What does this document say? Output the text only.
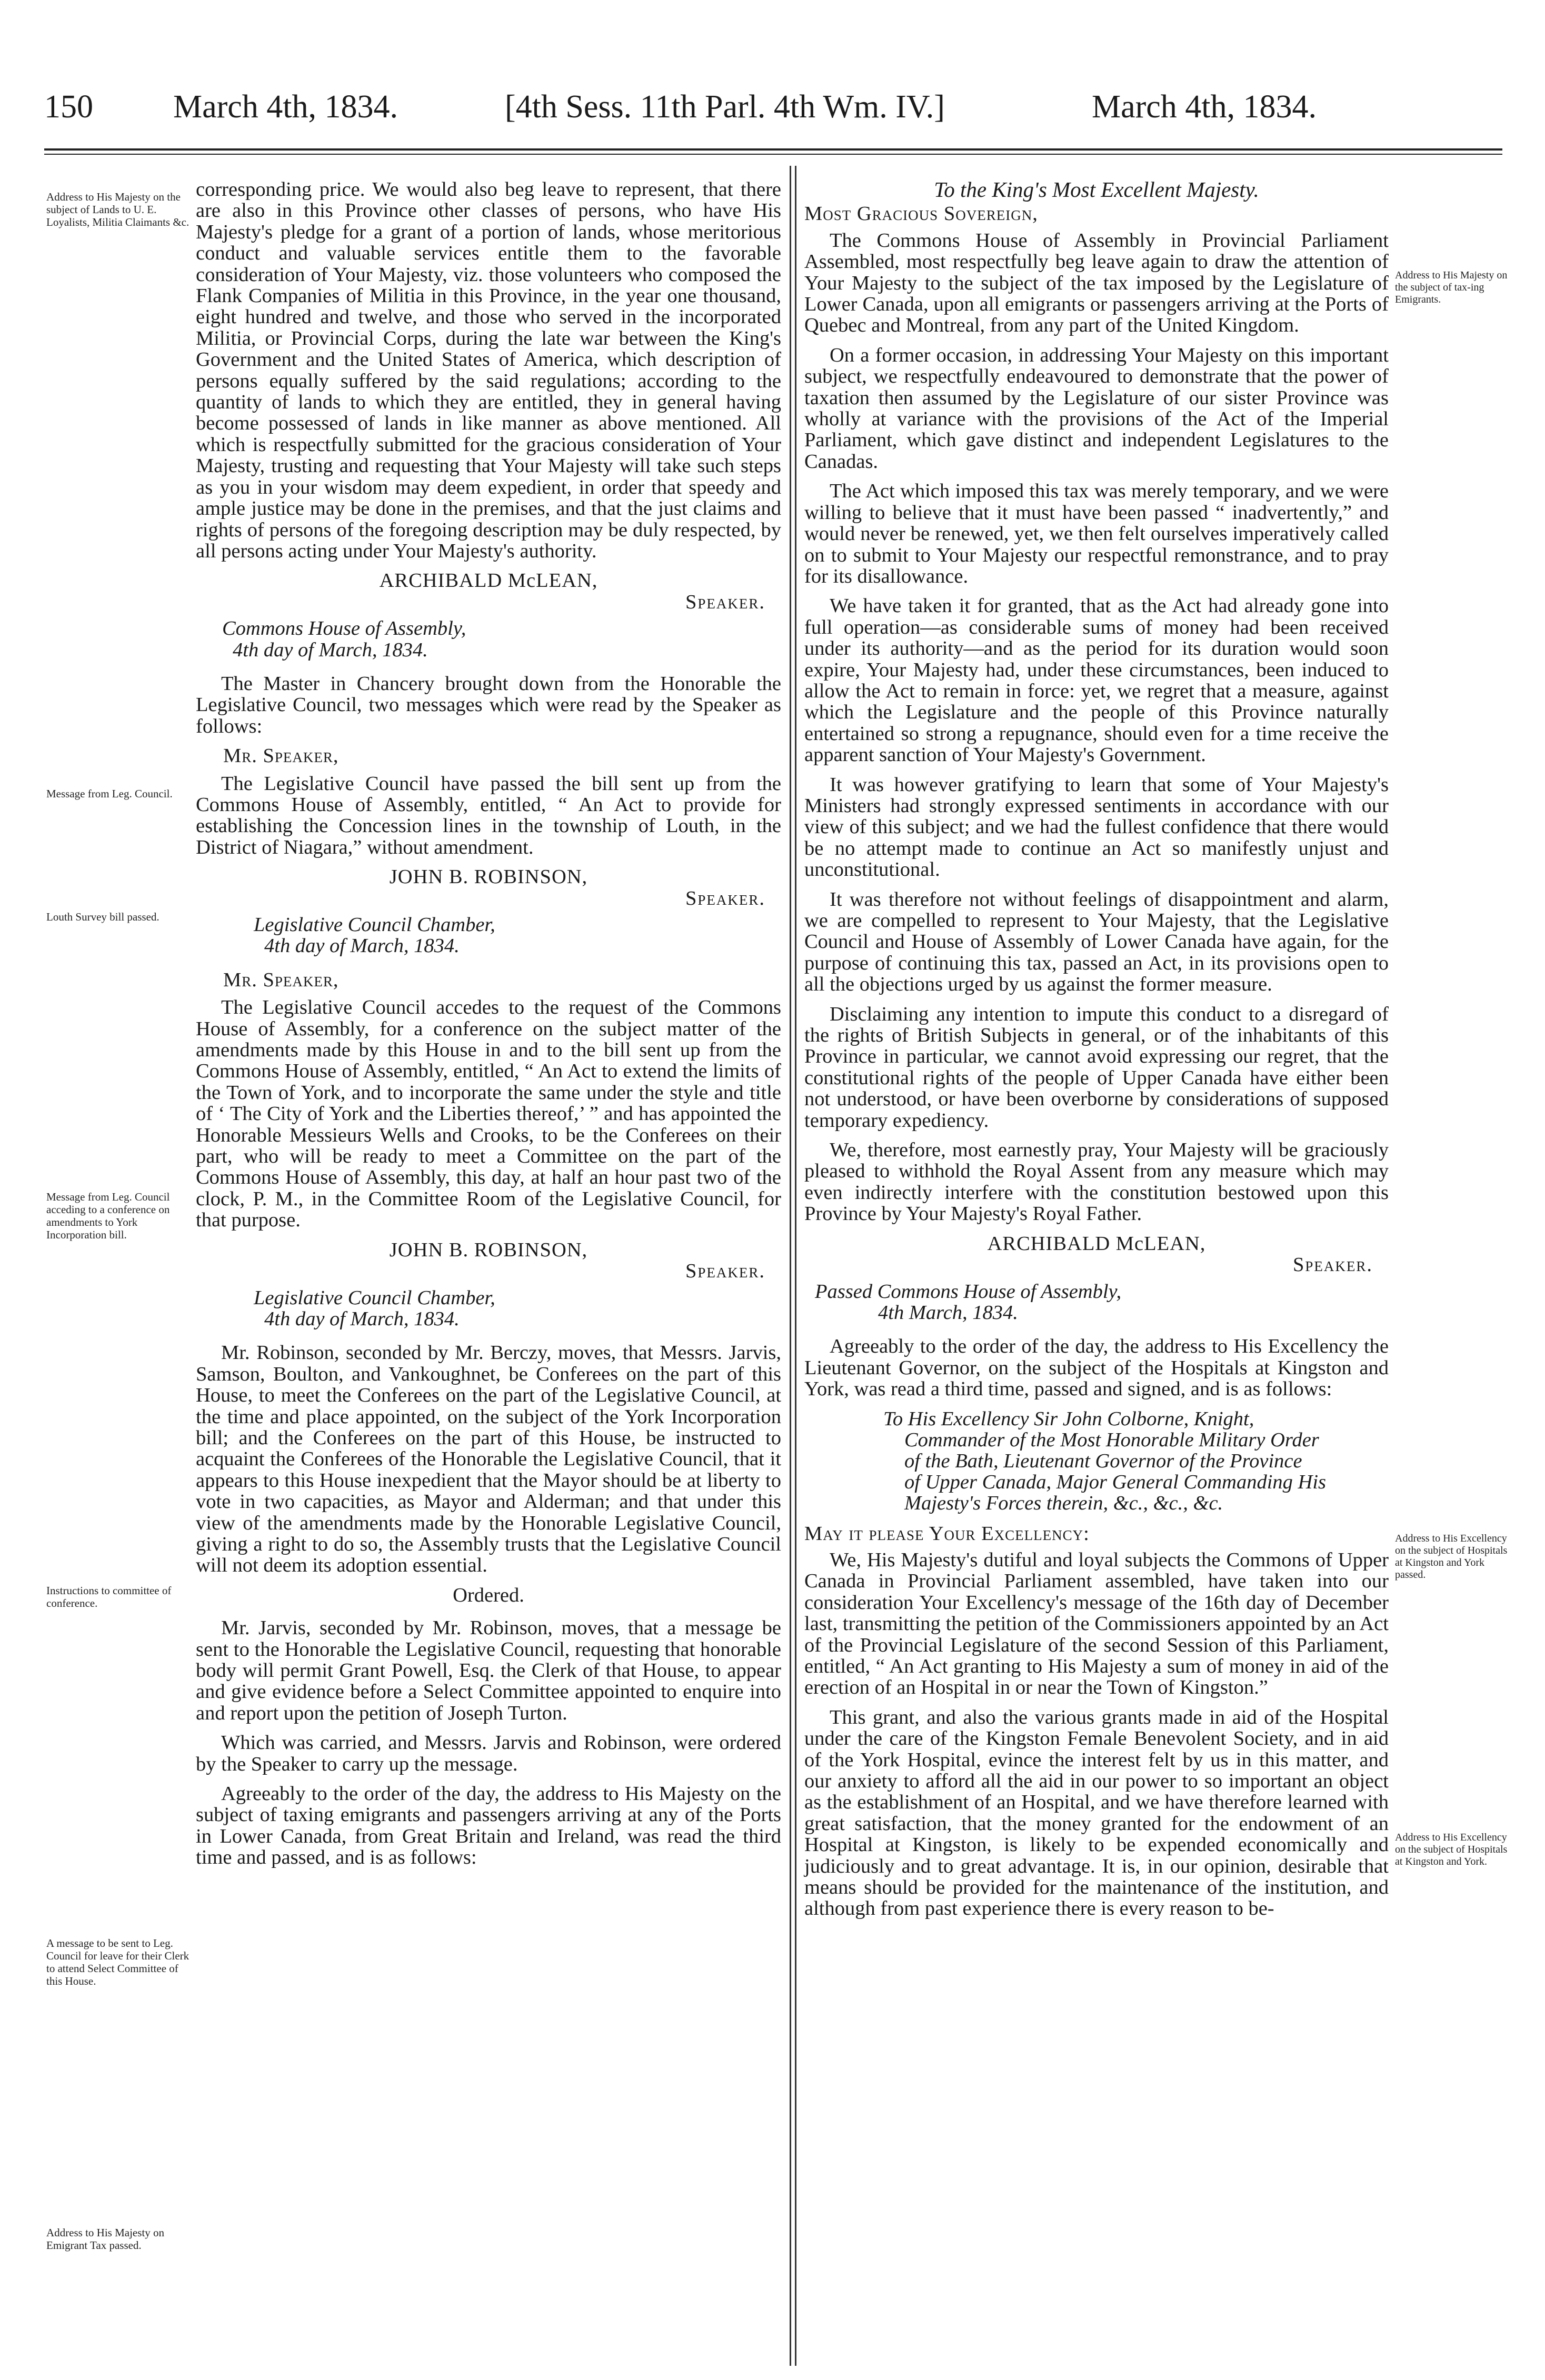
150 March 4th, 1834.	[4th Sess. 11th Parl. 4th Wm. IV.]	March 4th, 1834.
Address to His Majesty on the subject of Lands to U. E. Loyalists, Militia Claimants &c.
Message from Leg. Council.
Louth Survey bill passed.
Message from Leg. Council acceding to a conference on amendments to York Incorporation bill.
Instructions to committee of conference.
A message to be sent to Leg. Council for leave for their Clerk to attend Select Committee of this House.
Address to His Majesty on Emigrant Tax passed.
Address to His Majesty on the subject of tax-ing Emigrants.
Address to His Excellency on the subject of Hospitals at Kingston and York passed.
Address to His Excellency on the subject of Hospitals at Kingston and York.

corresponding price. We would also beg leave to represent, that there are also in this Province other classes of persons, who have His Majesty's pledge for a grant of a portion of lands, whose meritorious conduct and valuable services entitle them to the favorable consideration of Your Majesty, viz. those volunteers who composed the Flank Companies of Militia in this Province, in the year one thousand, eight hundred and twelve, and those who served in the incorporated Militia, or Provincial Corps, during the late war between the King's Government and the United States of America, which description of persons equally suffered by the said regulations; according to the quantity of lands to which they are entitled, they in general having become possessed of lands in like manner as above mentioned. All which is respectfully submitted for the gracious consideration of Your Majesty, trusting and requesting that Your Majesty will take such steps as you in your wisdom may deem expedient, in order that speedy and ample justice may be done in the premises, and that the just claims and rights of persons of the foregoing description may be duly respected, by all persons acting under Your Majesty's authority.

ARCHIBALD McLEAN,
Speaker.
Commons House of Assembly,
4th day of March, 1834.

The Master in Chancery brought down from the Honorable the Legislative Council, two messages which were read by the Speaker as follows:

Mr. Speaker,

The Legislative Council have passed the bill sent up from the Commons House of Assembly, entitled, “ An Act to provide for establishing the Concession lines in the township of Louth, in the District of Niagara,” without amendment.

JOHN B. ROBINSON,
Speaker.
Legislative Council Chamber,
4th day of March, 1834.
Mr. Speaker,

The Legislative Council accedes to the request of the Commons House of Assembly, for a conference on the subject matter of the amendments made by this House in and to the bill sent up from the Commons House of Assembly, entitled, “ An Act to extend the limits of the Town of York, and to incorporate the same under the style and title of ‘ The City of York and the Liberties thereof,’ ” and has appointed the Honorable Messieurs Wells and Crooks, to be the Conferees on their part, who will be ready to meet a Committee on the part of the Commons House of Assembly, this day, at half an hour past two of the clock, P. M., in the Committee Room of the Legislative Council, for that purpose.

JOHN B. ROBINSON,
Speaker.
Legislative Council Chamber,
4th day of March, 1834.

Mr. Robinson, seconded by Mr. Berczy, moves, that Messrs. Jarvis, Samson, Boulton, and Vankoughnet, be Conferees on the part of this House, to meet the Conferees on the part of the Legislative Council, at the time and place appointed, on the subject of the York Incorporation bill; and the Conferees on the part of this House, be instructed to acquaint the Conferees of the Honorable the Legislative Council, that it appears to this House inexpedient that the Mayor should be at liberty to vote in two capacities, as Mayor and Alderman; and that under this view of the amendments made by the Honorable Legislative Council, giving a right to do so, the Assembly trusts that the Legislative Council will not deem its adoption essential.

Ordered.

Mr. Jarvis, seconded by Mr. Robinson, moves, that a message be sent to the Honorable the Legislative Council, requesting that honorable body will permit Grant Powell, Esq. the Clerk of that House, to appear and give evidence before a Select Committee appointed to enquire into and report upon the petition of Joseph Turton.

Which was carried, and Messrs. Jarvis and Robinson, were ordered by the Speaker to carry up the message.

Agreeably to the order of the day, the address to His Majesty on the subject of taxing emigrants and passengers arriving at any of the Ports in Lower Canada, from Great Britain and Ireland, was read the third time and passed, and is as follows:

To the King's Most Excellent Majesty.
Most Gracious Sovereign,

The Commons House of Assembly in Provincial Parliament Assembled, most respectfully beg leave again to draw the attention of Your Majesty to the subject of the tax imposed by the Legislature of Lower Canada, upon all emigrants or passengers arriving at the Ports of Quebec and Montreal, from any part of the United Kingdom.

On a former occasion, in addressing Your Majesty on this important subject, we respectfully endeavoured to demonstrate that the power of taxation then assumed by the Legislature of our sister Province was wholly at variance with the provisions of the Act of the Imperial Parliament, which gave distinct and independent Legislatures to the Canadas.

The Act which imposed this tax was merely temporary, and we were willing to believe that it must have been passed “ inadvertently,” and would never be renewed, yet, we then felt ourselves imperatively called on to submit to Your Majesty our respectful remonstrance, and to pray for its disallowance.

We have taken it for granted, that as the Act had already gone into full operation—as considerable sums of money had been received under its authority—and as the period for its duration would soon expire, Your Majesty had, under these circumstances, been induced to allow the Act to remain in force: yet, we regret that a measure, against which the Legislature and the people of this Province naturally entertained so strong a repugnance, should even for a time receive the apparent sanction of Your Majesty's Government.

It was however gratifying to learn that some of Your Majesty's Ministers had strongly expressed sentiments in accordance with our view of this subject; and we had the fullest confidence that there would be no attempt made to continue an Act so manifestly unjust and unconstitutional.

It was therefore not without feelings of disappointment and alarm, we are compelled to represent to Your Majesty, that the Legislative Council and House of Assembly of Lower Canada have again, for the purpose of continuing this tax, passed an Act, in its provisions open to all the objections urged by us against the former measure.

Disclaiming any intention to impute this conduct to a disregard of the rights of British Subjects in general, or of the inhabitants of this Province in particular, we cannot avoid expressing our regret, that the constitutional rights of the people of Upper Canada have either been not understood, or have been overborne by considerations of supposed temporary expediency.

We, therefore, most earnestly pray, Your Majesty will be graciously pleased to withhold the Royal Assent from any measure which may even indirectly interfere with the constitution bestowed upon this Province by Your Majesty's Royal Father.

ARCHIBALD McLEAN,
Speaker.
Passed Commons House of Assembly,
4th March, 1834.

Agreeably to the order of the day, the address to His Excellency the Lieutenant Governor, on the subject of the Hospitals at Kingston and York, was read a third time, passed and signed, and is as follows:

To His Excellency Sir John Colborne, Knight,
Commander of the Most Honorable Military Order
of the Bath, Lieutenant Governor of the Province
of Upper Canada, Major General Commanding His
Majesty's Forces therein, &c., &c., &c.
May it please Your Excellency:

We, His Majesty's dutiful and loyal subjects the Commons of Upper Canada in Provincial Parliament assembled, have taken into our consideration Your Excellency's message of the 16th day of December last, transmitting the petition of the Commissioners appointed by an Act of the Provincial Legislature of the second Session of this Parliament, entitled, “ An Act granting to His Majesty a sum of money in aid of the erection of an Hospital in or near the Town of Kingston.”

This grant, and also the various grants made in aid of the Hospital under the care of the Kingston Female Benevolent Society, and in aid of the York Hospital, evince the interest felt by us in this matter, and our anxiety to afford all the aid in our power to so important an object as the establishment of an Hospital, and we have therefore learned with great satisfaction, that the money granted for the endowment of an Hospital at Kingston, is likely to be expended economically and judiciously and to great advantage. It is, in our opinion, desirable that means should be provided for the maintenance of the institution, and although from past experience there is every reason to be-
